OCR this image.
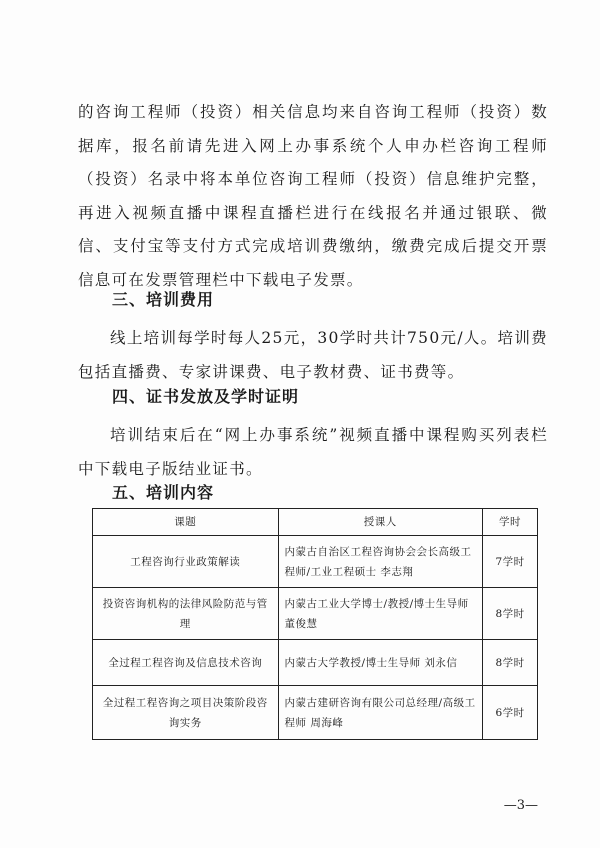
的咨询工程师（投资）相关信息均来自咨询工程师（投资）数据库，报名前请先进入网上办事系统个人申办栏咨询工程师（投资）名录中将本单位咨询工程师（投资）信息维护完整，再进入视频直播中课程直播栏进行在线报名并通过银联、微信、支付宝等支付方式完成培训费缴纳，缴费完成后提交开票信息可在发票管理栏中下载电子发票。

三、培训费用

线上培训每学时每人25元，30学时共计750元/人。培训费包括直播费、专家讲课费、电子教材费、证书费等。

四、证书发放及学时证明

培训结束后在“网上办事系统”视频直播中课程购买列表栏中下载电子版结业证书。

五、培训内容
课题	授课人	学时
工程咨询行业政策解读	内蒙古自治区工程咨询协会会长高级工程师/工业工程硕士 李志翔	7学时
投资咨询机构的法律风险防范与管理	内蒙古工业大学博士/教授/博士生导师 董俊慧	8学时
全过程工程咨询及信息技术咨询	内蒙古大学教授/博士生导师 刘永信	8学时
全过程工程咨询之项目决策阶段咨询实务	内蒙古建研咨询有限公司总经理/高级工程师 周海峰	6学时
—3—
